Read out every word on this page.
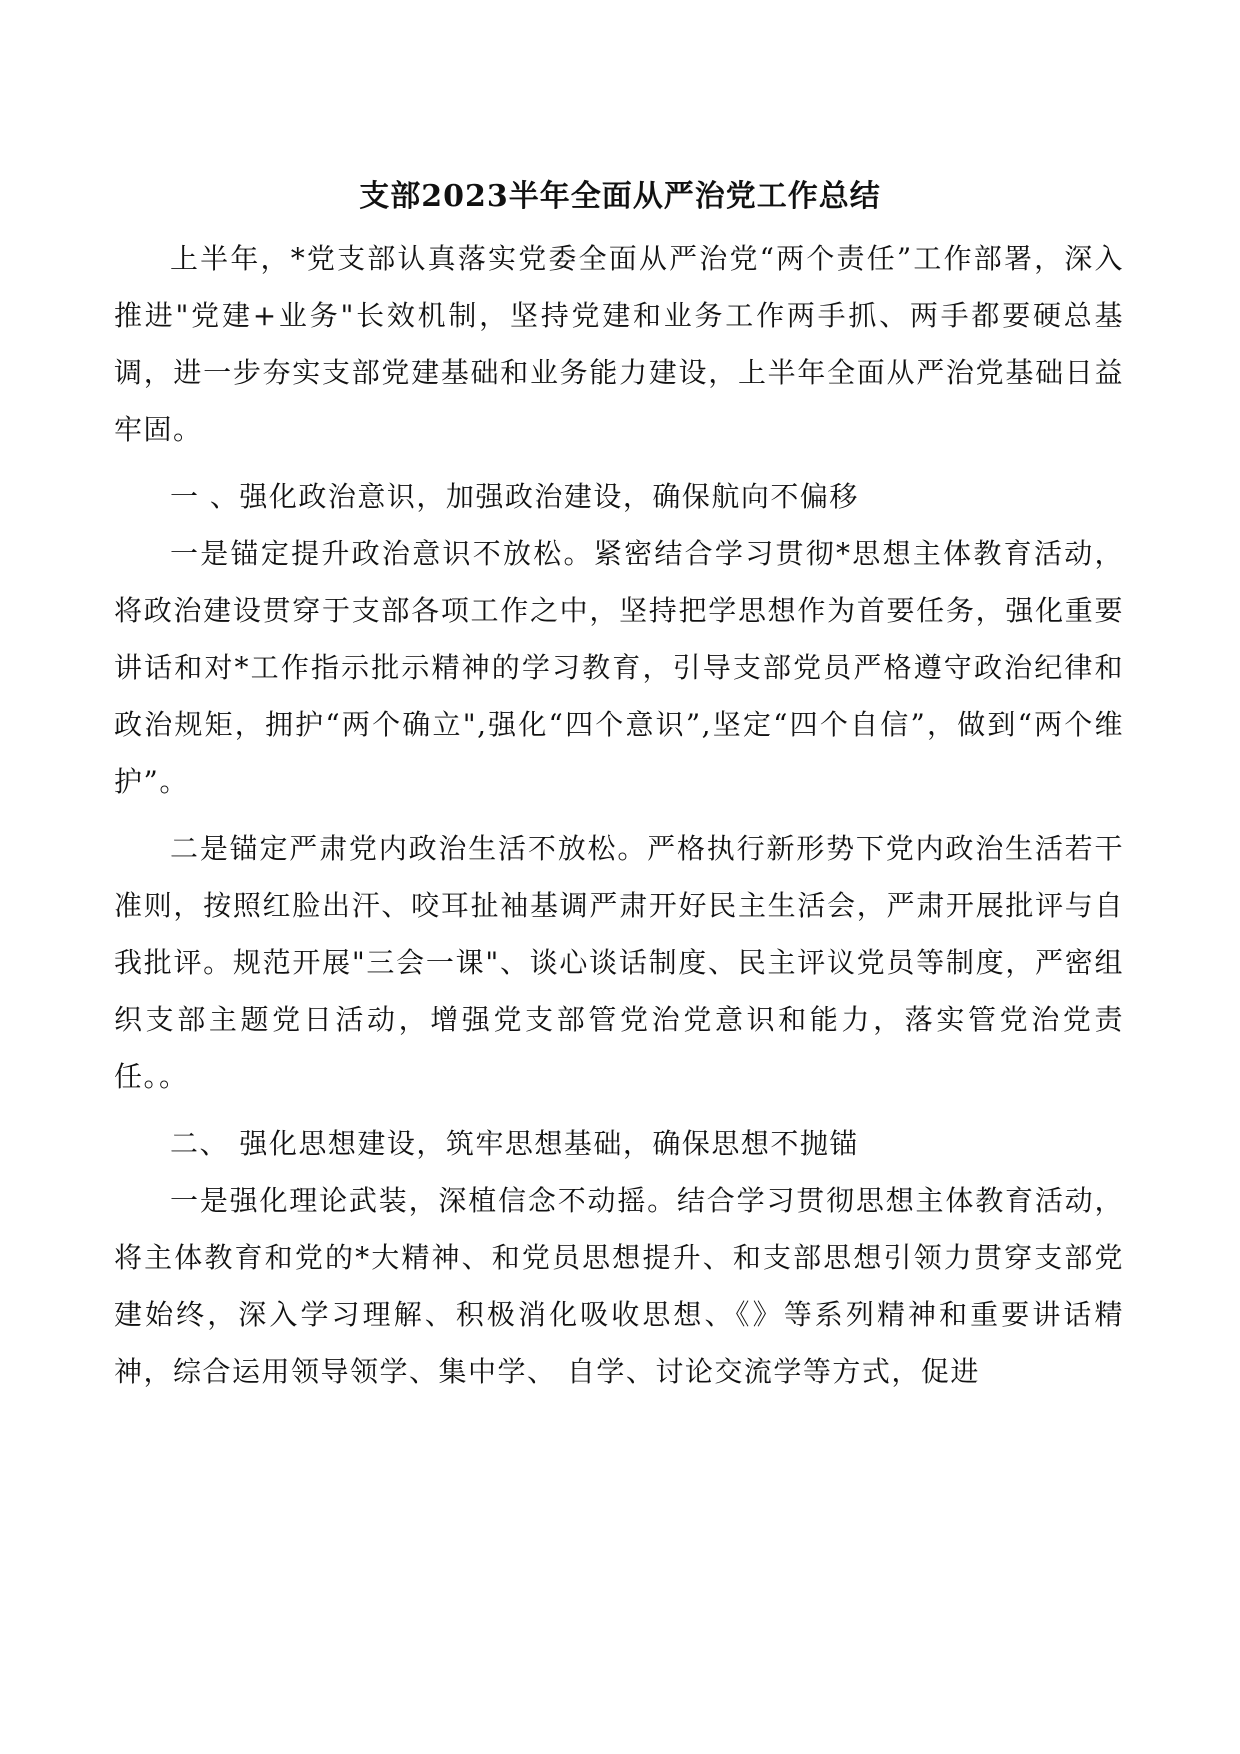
支部2023半年全面从严治党工作总结

上半年，*党支部认真落实党委全面从严治党“两个责任”工作部署，深入推进"党建+业务"长效机制，坚持党建和业务工作两手抓、两手都要硬总基调，进一步夯实支部党建基础和业务能力建设，上半年全面从严治党基础日益牢固。

一 、强化政治意识，加强政治建设，确保航向不偏移

一是锚定提升政治意识不放松。紧密结合学习贯彻*思想主体教育活动，将政治建设贯穿于支部各项工作之中，坚持把学思想作为首要任务，强化重要讲话和对*工作指示批示精神的学习教育，引导支部党员严格遵守政治纪律和政治规矩，拥护“两个确立",强化“四个意识”,坚定“四个自信”，做到“两个维护”。

二是锚定严肃党内政治生活不放松。严格执行新形势下党内政治生活若干准则，按照红脸出汗、咬耳扯袖基调严肃开好民主生活会，严肃开展批评与自我批评。规范开展"三会一课"、谈心谈话制度、民主评议党员等制度，严密组织支部主题党日活动，增强党支部管党治党意识和能力，落实管党治党责任。。

二、 强化思想建设，筑牢思想基础，确保思想不抛锚

一是强化理论武装，深植信念不动摇。结合学习贯彻思想主体教育活动，将主体教育和党的*大精神、和党员思想提升、和支部思想引领力贯穿支部党建始终，深入学习理解、积极消化吸收思想、《》等系列精神和重要讲话精神，综合运用领导领学、集中学、 自学、讨论交流学等方式，促进
